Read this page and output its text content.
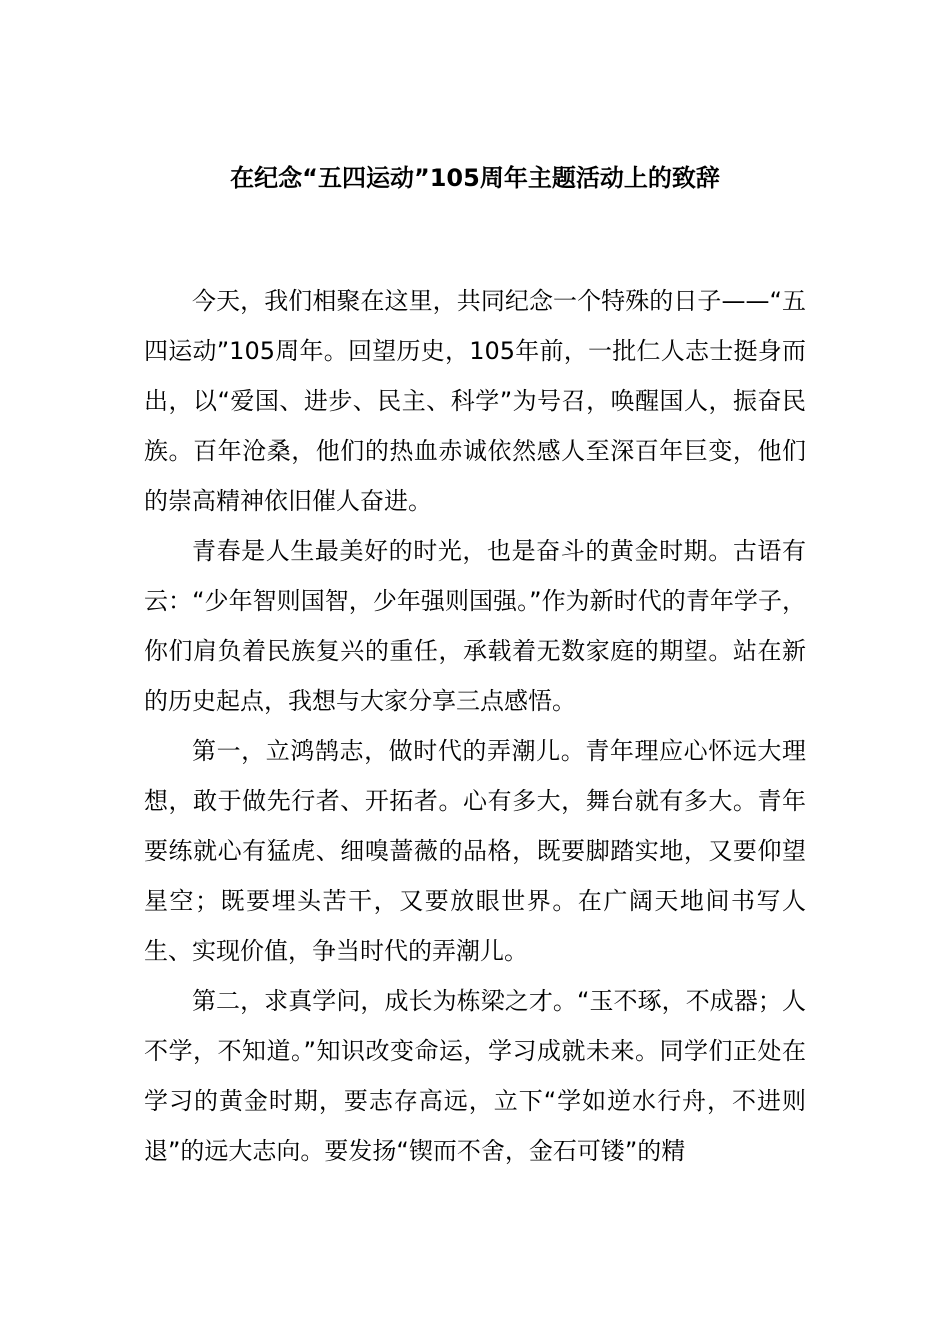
在纪念“五四运动”105周年主题活动上的致辞

今天，我们相聚在这里，共同纪念一个特殊的日子——“五四运动”105周年。回望历史，105年前，一批仁人志士挺身而出，以“爱国、进步、民主、科学”为号召，唤醒国人，振奋民族。百年沧桑，他们的热血赤诚依然感人至深百年巨变，他们的崇高精神依旧催人奋进。

青春是人生最美好的时光，也是奋斗的黄金时期。古语有云：“少年智则国智，少年强则国强。”作为新时代的青年学子，你们肩负着民族复兴的重任，承载着无数家庭的期望。站在新的历史起点，我想与大家分享三点感悟。

第一，立鸿鹄志，做时代的弄潮儿。青年理应心怀远大理想，敢于做先行者、开拓者。心有多大，舞台就有多大。青年要练就心有猛虎、细嗅蔷薇的品格，既要脚踏实地，又要仰望星空；既要埋头苦干，又要放眼世界。在广阔天地间书写人生、实现价值，争当时代的弄潮儿。

第二，求真学问，成长为栋梁之才。“玉不琢，不成器；人不学，不知道。”知识改变命运，学习成就未来。同学们正处在学习的黄金时期，要志存高远，立下“学如逆水行舟，不进则退”的远大志向。要发扬“锲而不舍，金石可镂”的精
